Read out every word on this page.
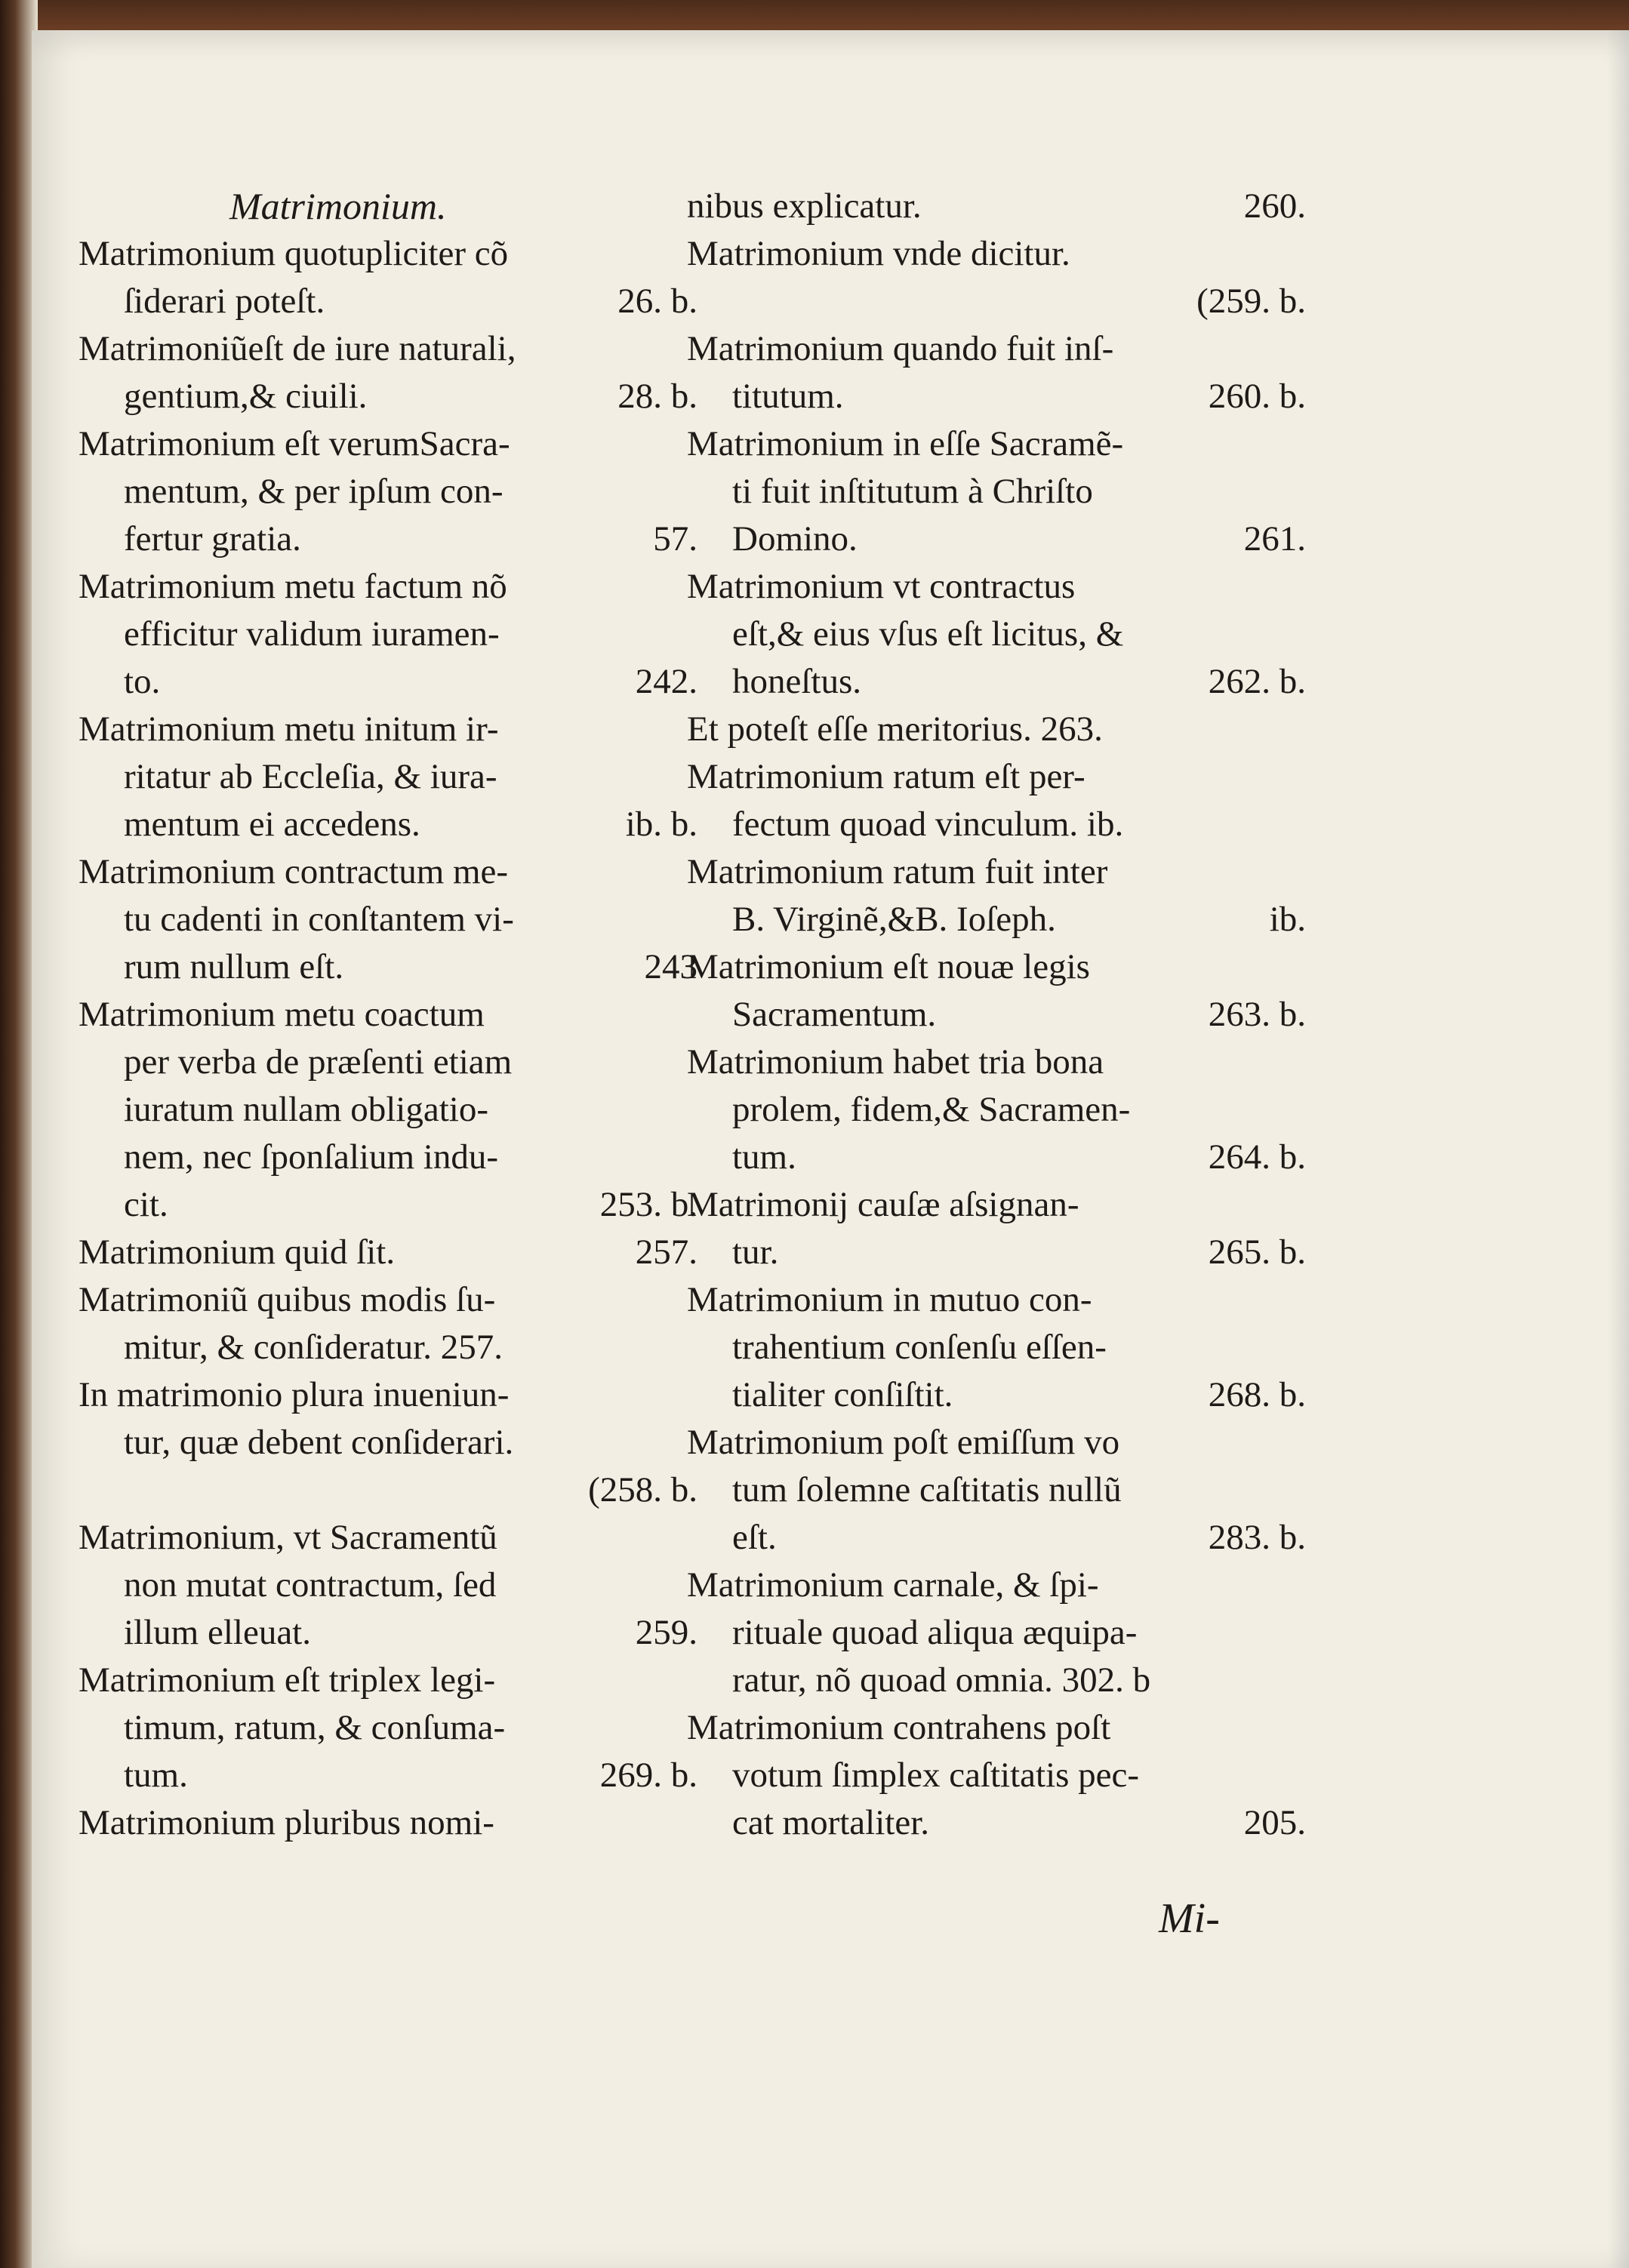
Matrimonium.
Matrimonium quotupliciter cõ
ſiderari poteſt.	26. b.
Matrimoniũeſt de iure naturali,
gentium,& ciuili.	28. b.
Matrimonium eſt verumSacra-
mentum, & per ipſum con-
fertur gratia.	57.
Matrimonium metu factum nõ
efficitur validum iuramen-
to.	242.
Matrimonium metu initum ir-
ritatur ab Eccleſia, & iura-
mentum ei accedens.	ib. b.
Matrimonium contractum me-
tu cadenti in conſtantem vi-
rum nullum eſt.	243
Matrimonium metu coactum
per verba de præſenti etiam
iuratum nullam obligatio-
nem, nec ſponſalium indu-
cit.	253. b.
Matrimonium quid ſit.	257.
Matrimoniũ quibus modis ſu-
mitur, & conſideratur. 257.
In matrimonio plura inueniun-
tur, quæ debent conſiderari.
(258. b.
Matrimonium, vt Sacramentũ
non mutat contractum, ſed
illum elleuat.	259.
Matrimonium eſt triplex legi-
timum, ratum, & conſuma-
tum.	269. b.
Matrimonium pluribus nomi-
nibus explicatur.	260.
Matrimonium vnde dicitur.
(259. b.
Matrimonium quando fuit inſ-
titutum.	260. b.
Matrimonium in eſſe Sacramẽ-
ti fuit inſtitutum à Chriſto
Domino.	261.
Matrimonium vt contractus
eſt,& eius vſus eſt licitus, &
honeſtus.	262. b.
Et poteſt eſſe meritorius. 263.
Matrimonium ratum eſt per-
fectum quoad vinculum. ib.
Matrimonium ratum fuit inter
B. Virginẽ,&B. Ioſeph.	ib.
Matrimonium eſt nouæ legis
Sacramentum.	263. b.
Matrimonium habet tria bona
prolem, fidem,& Sacramen-
tum.	264. b.
Matrimonij cauſæ aſsignan-
tur.	265. b.
Matrimonium in mutuo con-
trahentium conſenſu eſſen-
tialiter conſiſtit.	268. b.
Matrimonium poſt emiſſum vo
tum ſolemne caſtitatis nullũ
eſt.	283. b.
Matrimonium carnale, & ſpi-
rituale quoad aliqua æquipa-
ratur, nõ quoad omnia. 302. b
Matrimonium contrahens poſt
votum ſimplex caſtitatis pec-
cat mortaliter.	205.
Mi-
